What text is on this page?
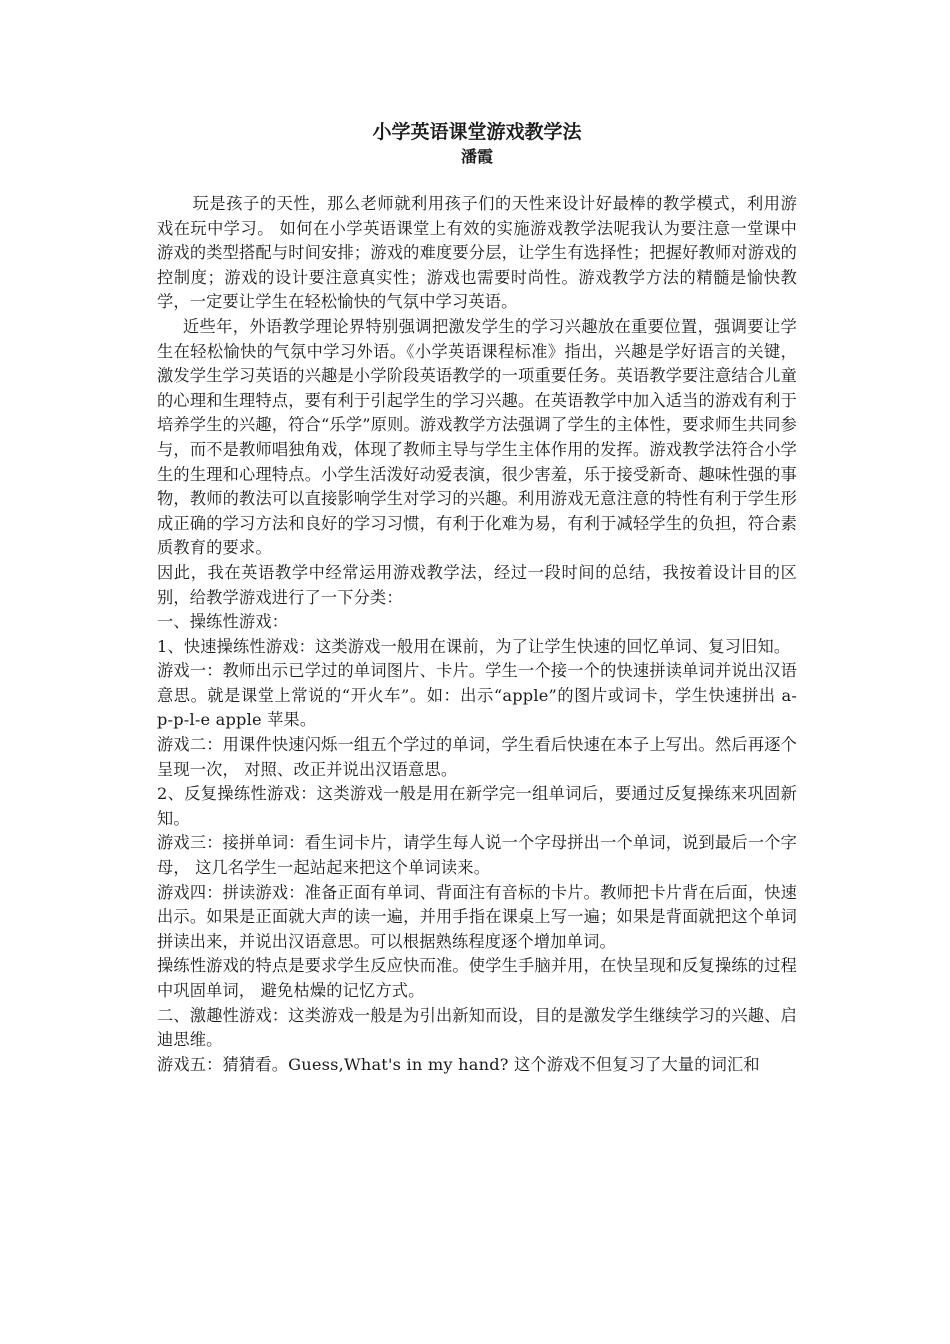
小学英语课堂游戏教学法
潘霞

玩是孩子的天性，那么老师就利用孩子们的天性来设计好最棒的教学模式，利用游戏在玩中学习。 如何在小学英语课堂上有效的实施游戏教学法呢我认为要注意一堂课中游戏的类型搭配与时间安排；游戏的难度要分层，让学生有选择性；把握好教师对游戏的控制度；游戏的设计要注意真实性；游戏也需要时尚性。游戏教学方法的精髓是愉快教学，一定要让学生在轻松愉快的气氛中学习英语。

近些年，外语教学理论界特别强调把激发学生的学习兴趣放在重要位置，强调要让学生在轻松愉快的气氛中学习外语。《小学英语课程标准》指出，兴趣是学好语言的关键，激发学生学习英语的兴趣是小学阶段英语教学的一项重要任务。英语教学要注意结合儿童的心理和生理特点，要有利于引起学生的学习兴趣。在英语教学中加入适当的游戏有利于培养学生的兴趣，符合“乐学”原则。游戏教学方法强调了学生的主体性，要求师生共同参与，而不是教师唱独角戏，体现了教师主导与学生主体作用的发挥。游戏教学法符合小学生的生理和心理特点。小学生活泼好动爱表演，很少害羞，乐于接受新奇、趣味性强的事物，教师的教法可以直接影响学生对学习的兴趣。利用游戏无意注意的特性有利于学生形成正确的学习方法和良好的学习习惯，有利于化难为易，有利于减轻学生的负担，符合素质教育的要求。

因此，我在英语教学中经常运用游戏教学法，经过一段时间的总结，我按着设计目的区别，给教学游戏进行了一下分类：

一、操练性游戏：

1、快速操练性游戏：这类游戏一般用在课前，为了让学生快速的回忆单词、复习旧知。

游戏一：教师出示已学过的单词图片、卡片。学生一个接一个的快速拼读单词并说出汉语意思。就是课堂上常说的“开火车”。如：出示“apple”的图片或词卡，学生快速拼出 a-p-p-l-e apple 苹果。

游戏二：用课件快速闪烁一组五个学过的单词，学生看后快速在本子上写出。然后再逐个呈现一次， 对照、改正并说出汉语意思。

2、反复操练性游戏：这类游戏一般是用在新学完一组单词后，要通过反复操练来巩固新知。

游戏三：接拼单词：看生词卡片，请学生每人说一个字母拼出一个单词，说到最后一个字母， 这几名学生一起站起来把这个单词读来。

游戏四：拼读游戏：准备正面有单词、背面注有音标的卡片。教师把卡片背在后面，快速出示。如果是正面就大声的读一遍，并用手指在课桌上写一遍；如果是背面就把这个单词拼读出来，并说出汉语意思。可以根据熟练程度逐个增加单词。

操练性游戏的特点是要求学生反应快而准。使学生手脑并用，在快呈现和反复操练的过程中巩固单词， 避免枯燥的记忆方式。

二、激趣性游戏：这类游戏一般是为引出新知而设，目的是激发学生继续学习的兴趣、启迪思维。

游戏五：猜猜看。Guess,What's in my hand? 这个游戏不但复习了大量的词汇和
